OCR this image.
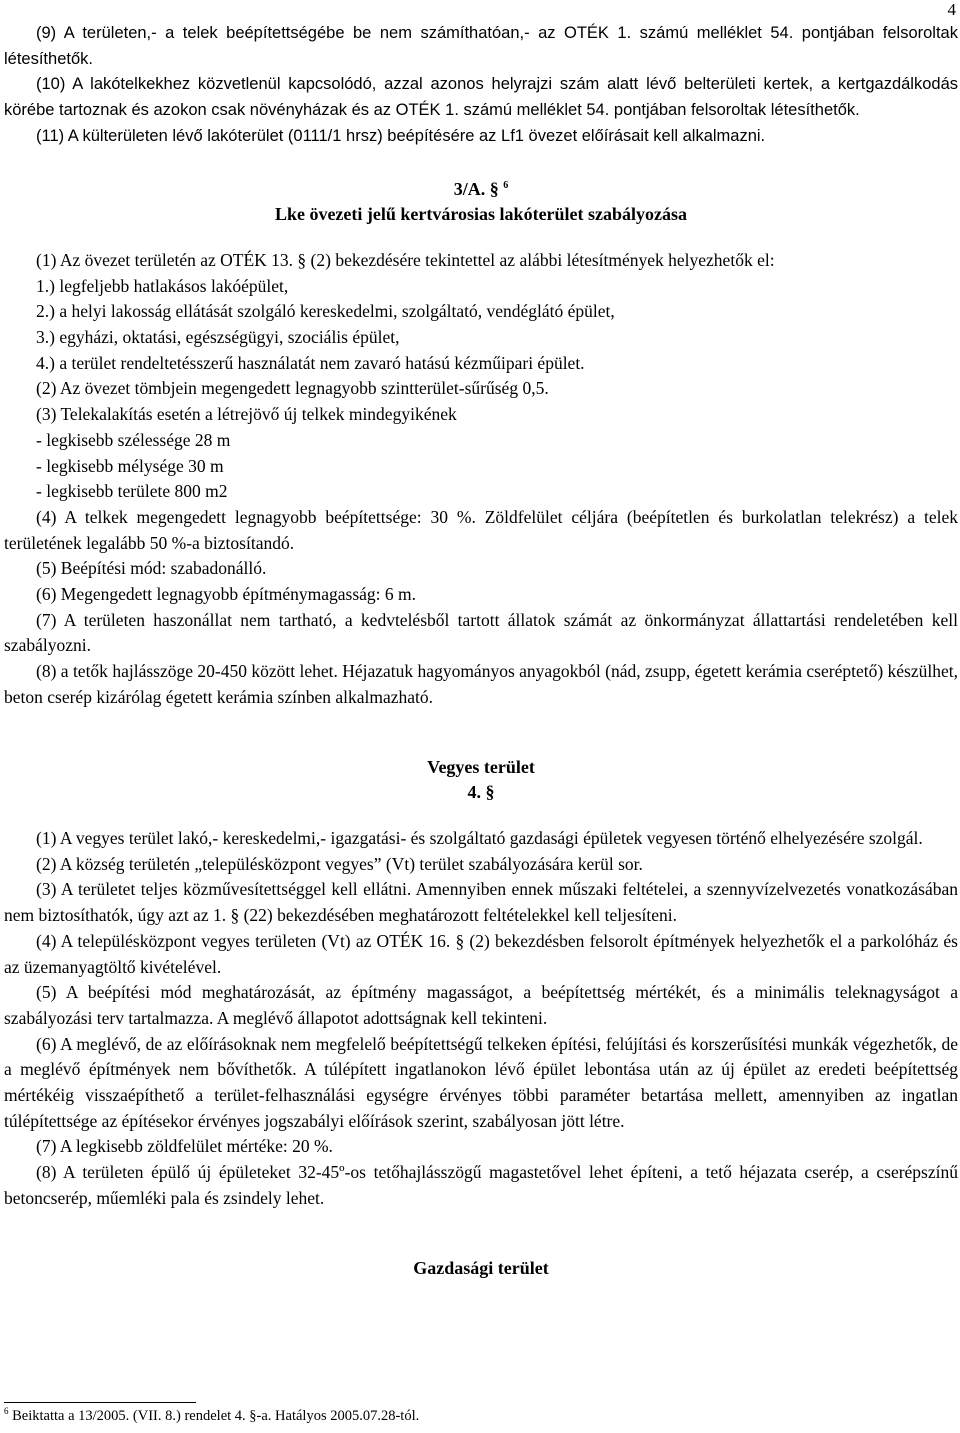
4

(9) A területen,- a telek beépítettségébe be nem számíthatóan,- az OTÉK 1. számú melléklet 54. pontjában felsoroltak létesíthetők.

(10) A lakótelkekhez közvetlenül kapcsolódó, azzal azonos helyrajzi szám alatt lévő belterületi kertek, a kertgazdálkodás körébe tartoznak és azokon csak növényházak és az OTÉK 1. számú melléklet 54. pontjában felsoroltak létesíthetők.

(11) A külterületen lévő lakóterület (0111/1 hrsz) beépítésére az Lf1 övezet előírásait kell alkalmazni.

3/A. § $^6$
Lke övezeti jelű kertvárosias lakóterület szabályozása

(1) Az övezet területén az OTÉK 13. § (2) bekezdésére tekintettel az alábbi létesítmények helyezhetők el:

1.) legfeljebb hatlakásos lakóépület,

2.) a helyi lakosság ellátását szolgáló kereskedelmi, szolgáltató, vendéglátó épület,

3.) egyházi, oktatási, egészségügyi, szociális épület,

4.) a terület rendeltetésszerű használatát nem zavaró hatású kézműipari épület.

(2) Az övezet tömbjein megengedett legnagyobb szintterület-sűrűség 0,5.

(3) Telekalakítás esetén a létrejövő új telkek mindegyikének

- legkisebb szélessége 28 m

- legkisebb mélysége 30 m

- legkisebb területe 800 m2

(4) A telkek megengedett legnagyobb beépítettsége: 30 %. Zöldfelület céljára (beépítetlen és burkolatlan telekrész) a telek területének legalább 50 %-a biztosítandó.

(5) Beépítési mód: szabadonálló.

(6) Megengedett legnagyobb építménymagasság: 6 m.

(7) A területen haszonállat nem tartható, a kedvtelésből tartott állatok számát az önkormányzat állattartási rendeletében kell szabályozni.

(8) a tetők hajlásszöge 20-450 között lehet. Héjazatuk hagyományos anyagokból (nád, zsupp, égetett kerámia cseréptető) készülhet, beton cserép kizárólag égetett kerámia színben alkalmazható.

Vegyes terület
4. §

(1) A vegyes terület lakó,- kereskedelmi,- igazgatási- és szolgáltató gazdasági épületek vegyesen történő elhelyezésére szolgál.

(2) A község területén „településközpont vegyes” (Vt) terület szabályozására kerül sor.

(3) A területet teljes közművesítettséggel kell ellátni. Amennyiben ennek műszaki feltételei, a szennyvízelvezetés vonatkozásában nem biztosíthatók, úgy azt az 1. § (22) bekezdésében meghatározott feltételekkel kell teljesíteni.

(4) A településközpont vegyes területen (Vt) az OTÉK 16. § (2) bekezdésben felsorolt építmények helyezhetők el a parkolóház és az üzemanyagtöltő kivételével.

(5) A beépítési mód meghatározását, az építmény magasságot, a beépítettség mértékét, és a minimális teleknagyságot a szabályozási terv tartalmazza. A meglévő állapotot adottságnak kell tekinteni.

(6) A meglévő, de az előírásoknak nem megfelelő beépítettségű telkeken építési, felújítási és korszerűsítési munkák végezhetők, de a meglévő építmények nem bővíthetők. A túlépített ingatlanokon lévő épület lebontása után az új épület az eredeti beépítettség mértékéig visszaépíthető a terület-felhasználási egységre érvényes többi paraméter betartása mellett, amennyiben az ingatlan túlépítettsége az építésekor érvényes jogszabályi előírások szerint, szabályosan jött létre.

(7) A legkisebb zöldfelület mértéke: 20 %.

(8) A területen épülő új épületeket 32-45º-os tetőhajlásszögű magastetővel lehet építeni, a tető héjazata cserép, a cserépszínű betoncserép, műemléki pala és zsindely lehet.

Gazdasági terület
$^6$ Beiktatta a 13/2005. (VII. 8.) rendelet 4. §-a. Hatályos 2005.07.28-tól.
